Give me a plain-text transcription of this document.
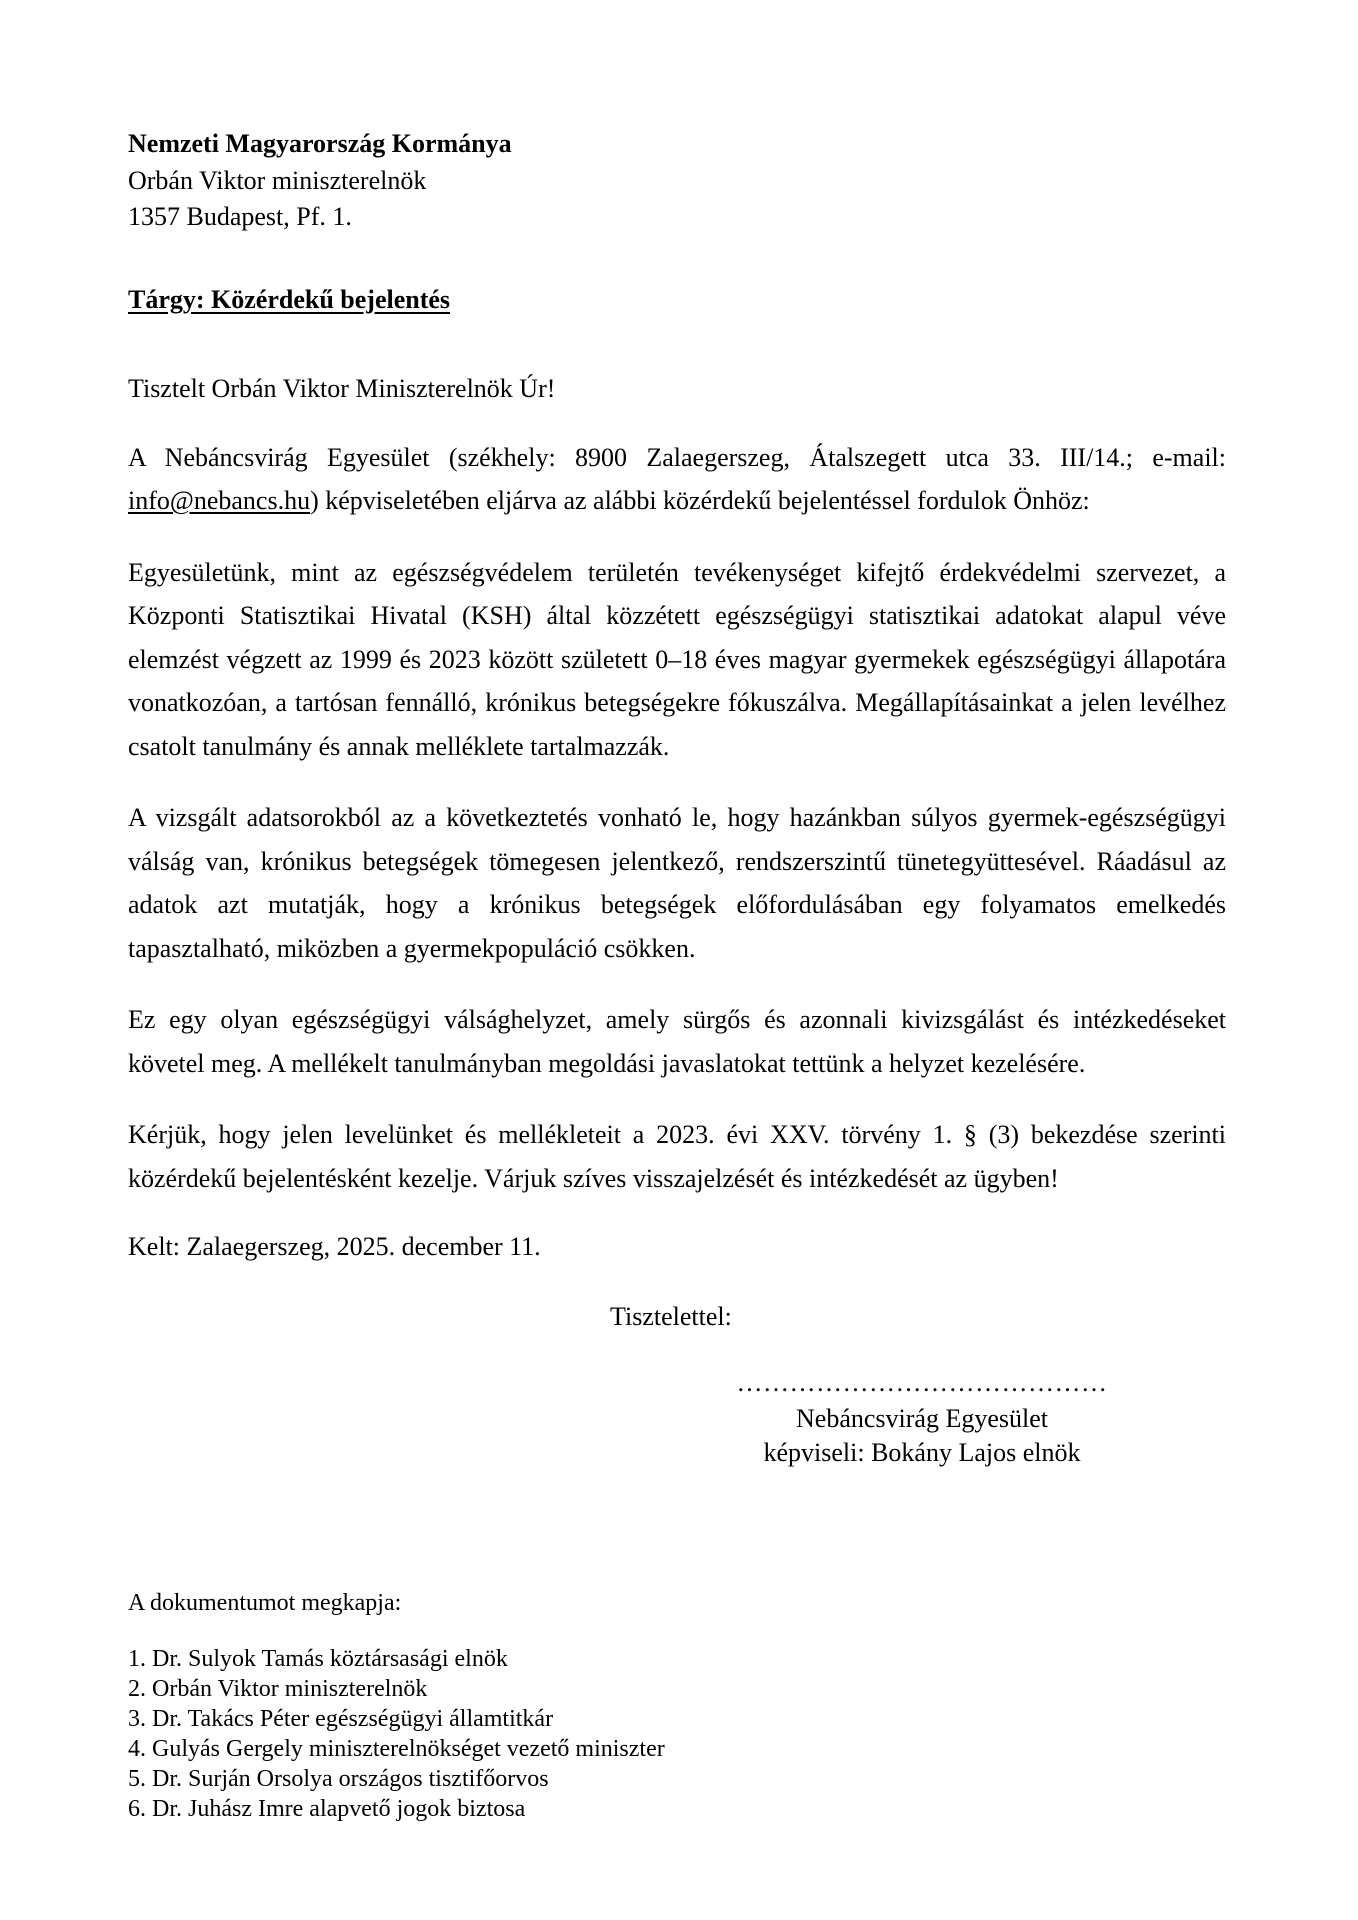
Nemzeti Magyarország Kormánya
Orbán Viktor miniszterelnök
1357 Budapest, Pf. 1.
Tárgy: Közérdekű bejelentés
Tisztelt Orbán Viktor Miniszterelnök Úr!
A Nebáncsvirág Egyesület (székhely: 8900 Zalaegerszeg, Átalszegett utca 33. III/14.; e-mail: info@nebancs.hu) képviseletében eljárva az alábbi közérdekű bejelentéssel fordulok Önhöz:
Egyesületünk, mint az egészségvédelem területén tevékenységet kifejtő érdekvédelmi szervezet, a Központi Statisztikai Hivatal (KSH) által közzétett egészségügyi statisztikai adatokat alapul véve elemzést végzett az 1999 és 2023 között született 0–18 éves magyar gyermekek egészségügyi állapotára vonatkozóan, a tartósan fennálló, krónikus betegségekre fókuszálva. Megállapításainkat a jelen levélhez csatolt tanulmány és annak melléklete tartalmazzák.
A vizsgált adatsorokból az a következtetés vonható le, hogy hazánkban súlyos gyermek-egészségügyi válság van, krónikus betegségek tömegesen jelentkező, rendszerszintű tünetegyüttesével. Ráadásul az adatok azt mutatják, hogy a krónikus betegségek előfordulásában egy folyamatos emelkedés tapasztalható, miközben a gyermekpopuláció csökken.
Ez egy olyan egészségügyi válsághelyzet, amely sürgős és azonnali kivizsgálást és intézkedéseket követel meg. A mellékelt tanulmányban megoldási javaslatokat tettünk a helyzet kezelésére.
Kérjük, hogy jelen levelünket és mellékleteit a 2023. évi XXV. törvény 1. § (3) bekezdése szerinti közérdekű bejelentésként kezelje. Várjuk szíves visszajelzését és intézkedését az ügyben!
Kelt: Zalaegerszeg, 2025. december 11.
Tisztelettel:
……………………………………
Nebáncsvirág Egyesület
képviseli: Bokány Lajos elnök
A dokumentumot megkapja:
1. Dr. Sulyok Tamás köztársasági elnök
2. Orbán Viktor miniszterelnök
3. Dr. Takács Péter egészségügyi államtitkár
4. Gulyás Gergely miniszterelnökséget vezető miniszter
5. Dr. Surján Orsolya országos tisztifőorvos
6. Dr. Juhász Imre alapvető jogok biztosa
